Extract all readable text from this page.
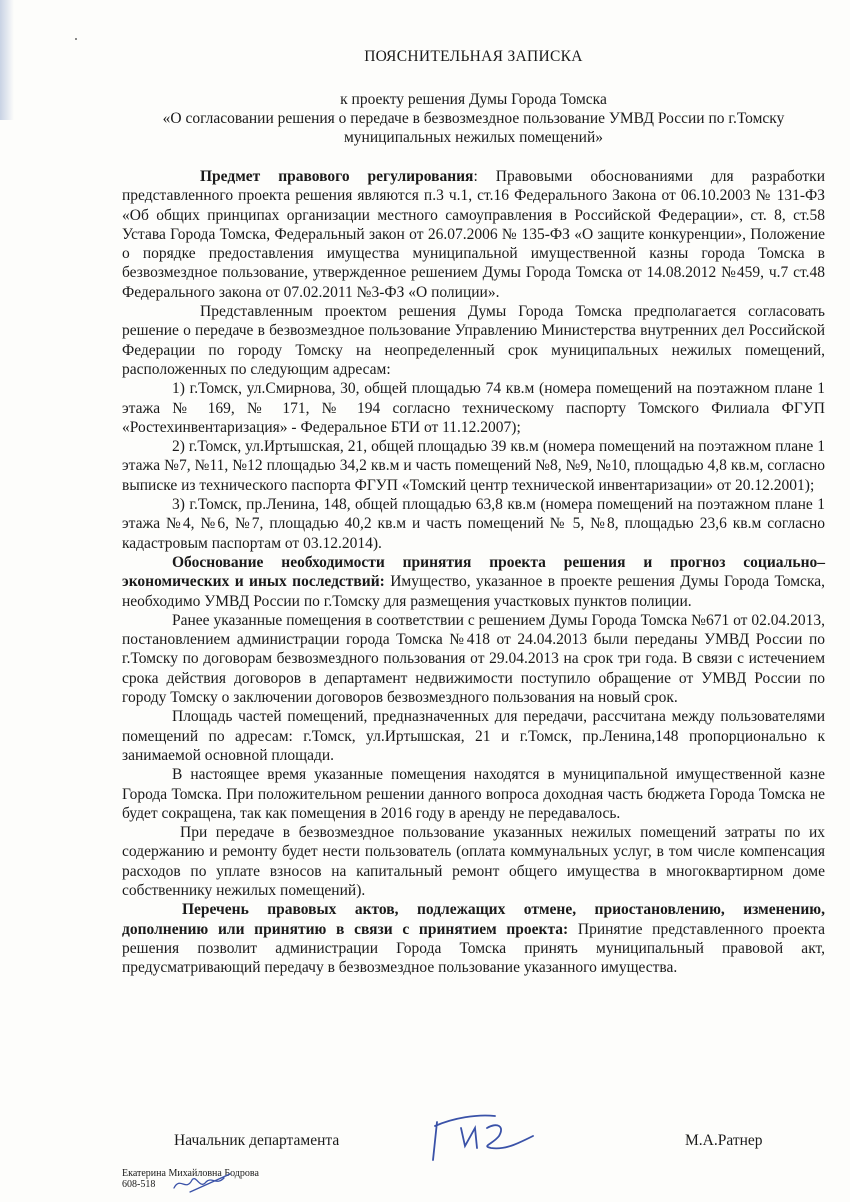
ПОЯСНИТЕЛЬНАЯ ЗАПИСКА
к проекту решения Думы Города Томска
«О согласовании решения о передаче в безвозмездное пользование УМВД России по г.Томску муниципальных нежилых помещений»

Предмет правового регулирования: Правовыми обоснованиями для разработки представленного проекта решения являются п.3 ч.1, ст.16 Федерального Закона от 06.10.2003 № 131-ФЗ «Об общих принципах организации местного самоуправления в Российской Федерации», ст. 8, ст.58 Устава Города Томска, Федеральный закон от 26.07.2006 № 135-ФЗ «О защите конкуренции», Положение о порядке предоставления имущества муниципальной имущественной казны города Томска в безвозмездное пользование, утвержденное решением Думы Города Томска от 14.08.2012 №459, ч.7 ст.48 Федерального закона от 07.02.2011 №3-ФЗ «О полиции».

Представленным проектом решения Думы Города Томска предполагается согласовать решение о передаче в безвозмездное пользование Управлению Министерства внутренних дел Российской Федерации по городу Томску на неопределенный срок муниципальных нежилых помещений, расположенных по следующим адресам:

1) г.Томск, ул.Смирнова, 30, общей площадью 74 кв.м (номера помещений на поэтажном плане 1 этажа № 169, № 171, № 194 согласно техническому паспорту Томского Филиала ФГУП «Ростехинвентаризация» - Федеральное БТИ от 11.12.2007);

2) г.Томск, ул.Иртышская, 21, общей площадью 39 кв.м (номера помещений на поэтажном плане 1 этажа №7, №11, №12 площадью 34,2 кв.м и часть помещений №8, №9, №10, площадью 4,8 кв.м, согласно выписке из технического паспорта ФГУП «Томский центр технической инвентаризации» от 20.12.2001);

3) г.Томск, пр.Ленина, 148, общей площадью 63,8 кв.м (номера помещений на поэтажном плане 1 этажа №4, №6, №7, площадью 40,2 кв.м и часть помещений № 5, №8, площадью 23,6 кв.м согласно кадастровым паспортам от 03.12.2014).

Обоснование необходимости принятия проекта решения и прогноз социально–экономических и иных последствий: Имущество, указанное в проекте решения Думы Города Томска, необходимо УМВД России по г.Томску для размещения участковых пунктов полиции.

Ранее указанные помещения в соответствии с решением Думы Города Томска №671 от 02.04.2013, постановлением администрации города Томска №418 от 24.04.2013 были переданы УМВД России по г.Томску по договорам безвозмездного пользования от 29.04.2013 на срок три года. В связи с истечением срока действия договоров в департамент недвижимости поступило обращение от УМВД России по городу Томску о заключении договоров безвозмездного пользования на новый срок.

Площадь частей помещений, предназначенных для передачи, рассчитана между пользователями помещений по адресам: г.Томск, ул.Иртышская, 21 и г.Томск, пр.Ленина,148 пропорционально к занимаемой основной площади.

В настоящее время указанные помещения находятся в муниципальной имущественной казне Города Томска. При положительном решении данного вопроса доходная часть бюджета Города Томска не будет сокращена, так как помещения в 2016 году в аренду не передавалось.

При передаче в безвозмездное пользование указанных нежилых помещений затраты по их содержанию и ремонту будет нести пользователь (оплата коммунальных услуг, в том числе компенсация расходов по уплате взносов на капитальный ремонт общего имущества в многоквартирном доме собственнику нежилых помещений).

Перечень правовых актов, подлежащих отмене, приостановлению, изменению, дополнению или принятию в связи с принятием проекта: Принятие представленного проекта решения позволит администрации Города Томска принять муниципальный правовой акт, предусматривающий передачу в безвозмездное пользование указанного имущества.

Начальник департамента	М.А.Ратнер
Екатерина Михайловна Бодрова
608-518
